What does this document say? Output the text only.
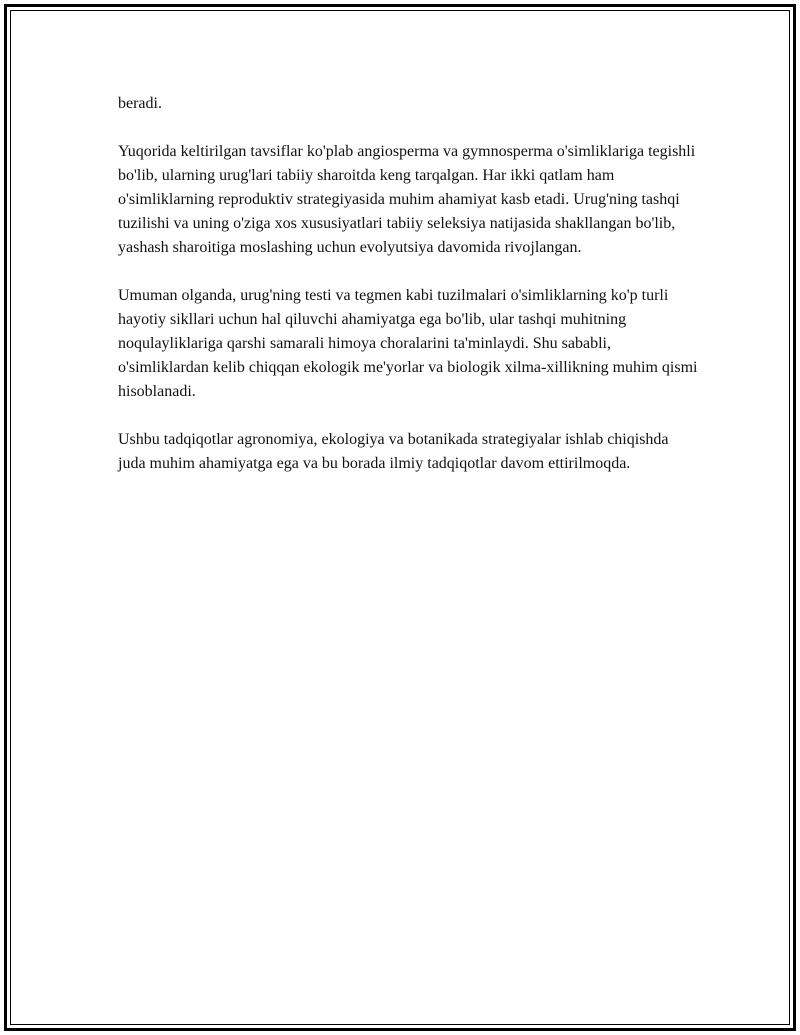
beradi.

Yuqorida keltirilgan tavsiflar ko'plab angiosperma va gymnosperma o'simliklariga tegishli bo'lib, ularning urug'lari tabiiy sharoitda keng tarqalgan. Har ikki qatlam ham o'simliklarning reproduktiv strategiyasida muhim ahamiyat kasb etadi. Urug'ning tashqi tuzilishi va uning o'ziga xos xususiyatlari tabiiy seleksiya natijasida shakllangan bo'lib, yashash sharoitiga moslashing uchun evolyutsiya davomida rivojlangan.

Umuman olganda, urug'ning testi va tegmen kabi tuzilmalari o'simliklarning ko'p turli hayotiy sikllari uchun hal qiluvchi ahamiyatga ega bo'lib, ular tashqi muhitning noqulayliklariga qarshi samarali himoya choralarini ta'minlaydi. Shu sababli, o'simliklardan kelib chiqqan ekologik me'yorlar va biologik xilma-xillikning muhim qismi hisoblanadi.

Ushbu tadqiqotlar agronomiya, ekologiya va botanikada strategiyalar ishlab chiqishda juda muhim ahamiyatga ega va bu borada ilmiy tadqiqotlar davom ettirilmoqda.
